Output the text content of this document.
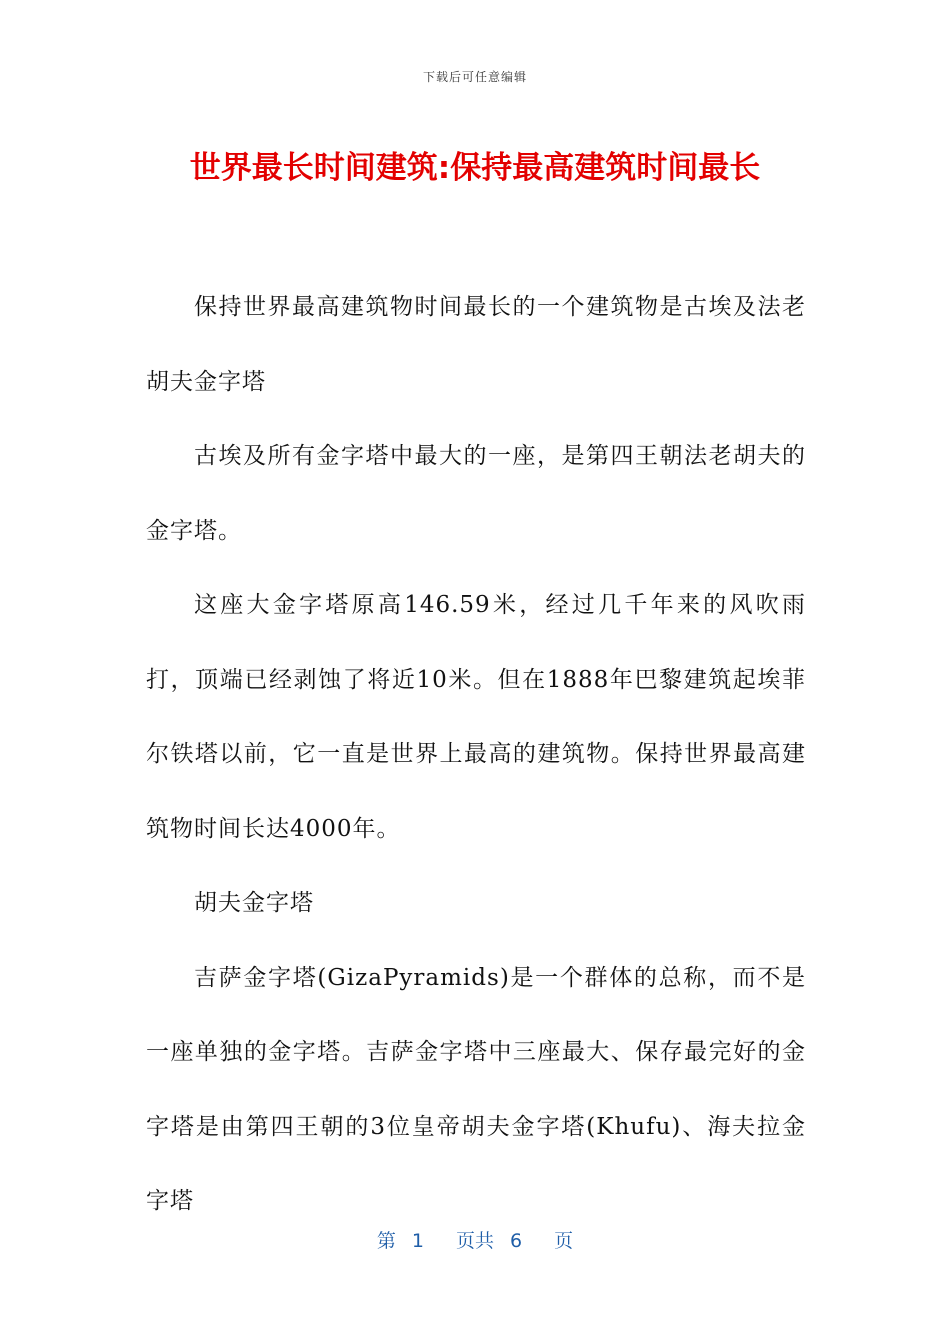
下载后可任意编辑
世界最长时间建筑:保持最高建筑时间最长

保持世界最高建筑物时间最长的一个建筑物是古埃及法老胡夫金字塔

古埃及所有金字塔中最大的一座，是第四王朝法老胡夫的金字塔。

这座大金字塔原高146.59米，经过几千年来的风吹雨打，顶端已经剥蚀了将近10米。但在1888年巴黎建筑起埃菲尔铁塔以前，它一直是世界上最高的建筑物。保持世界最高建筑物时间长达4000年。

胡夫金字塔

吉萨金字塔(GizaPyramids)是一个群体的总称，而不是一座单独的金字塔。吉萨金字塔中三座最大、保存最完好的金字塔是由第四王朝的3位皇帝胡夫金字塔(Khufu)、海夫拉金字塔

第 1 页共 6 页
